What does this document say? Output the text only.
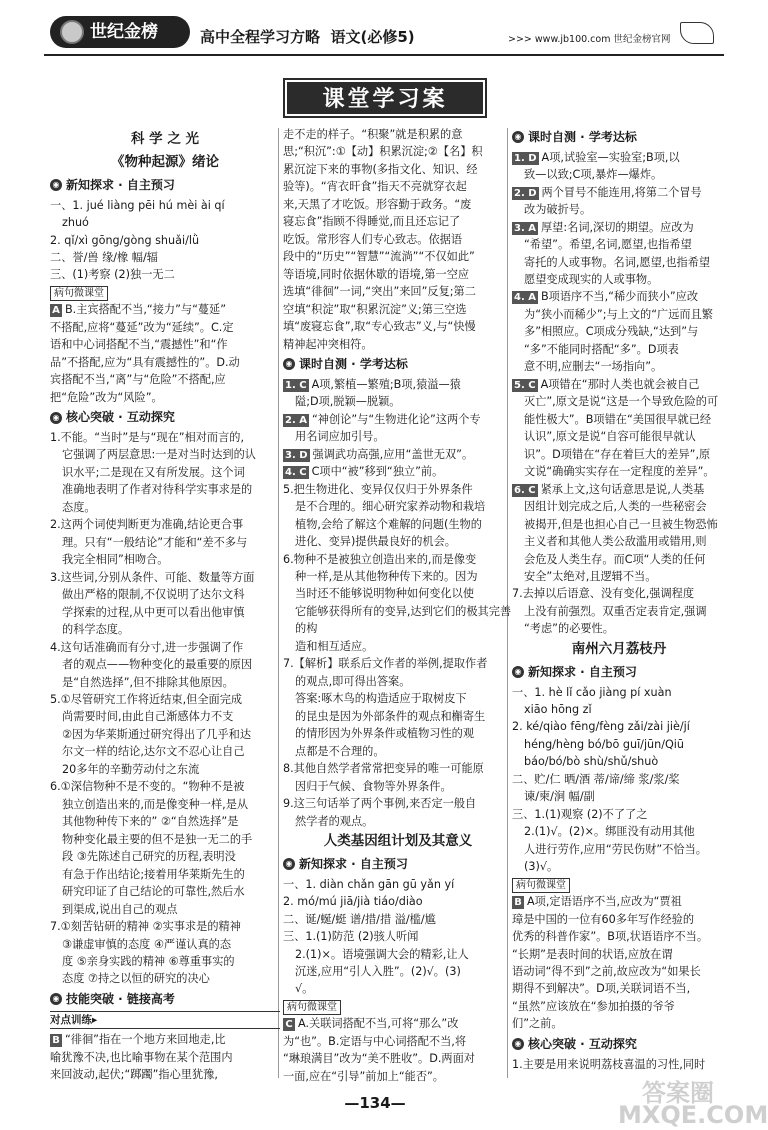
世纪金榜	高中全程学习方略 语文(必修5)	>>> www.jb100.com 世纪金榜官网
课堂学习案
科 学 之 光
《物种起源》绪论
◉ 新知探求 · 自主预习
一、1. jué liàng pēi hú mèi ài qí
zhuó
2. qǐ/xì gōng/gòng shuǎi/lǜ
二、誉/兽 缘/橡 幅/辐
三、(1)考察 (2)独一无二
病句微课堂
A B.主宾搭配不当,“接力”与“蔓延”
不搭配,应将“蔓延”改为“延续”。C.定
语和中心词搭配不当,“震撼性”和“作
品”不搭配,应为“具有震撼性的”。D.动
宾搭配不当,“离”与“危险”不搭配,应
把“危险”改为“风险”。
◉ 核心突破 · 互动探究
1.不能。“当时”是与“现在”相对而言的,
它强调了两层意思:一是对当时达到的认
识水平;二是现在又有所发展。这个词
准确地表明了作者对待科学实事求是的
态度。
2.这两个词使判断更为准确,结论更合事
理。只有“一般结论”才能和“差不多与
我完全相同”相吻合。
3.这些词,分别从条件、可能、数量等方面
做出严格的限制,不仅说明了达尔文科
学探索的过程,从中更可以看出他审慎
的科学态度。
4.这句话准确而有分寸,进一步强调了作
者的观点——物种变化的最重要的原因
是“自然选择”,但不排除其他原因。
5.①尽管研究工作将近结束,但全面完成
尚需要时间,由此自己渐感体力不支
②因为华莱斯通过研究得出了几乎和达
尔文一样的结论,达尔文不忍心让自己
20多年的辛勤劳动付之东流
6.①深信物种不是不变的。“物种不是被
独立创造出来的,而是像变种一样,是从
其他物种传下来的” ②“自然选择”是
物种变化最主要的但不是独一无二的手
段 ③先陈述自己研究的历程,表明没
有急于作出结论;接着用华莱斯先生的
研究印证了自己结论的可靠性,然后水
到渠成,说出自己的观点
7.①刻苦钻研的精神 ②实事求是的精神
③谦虚审慎的态度 ④严谨认真的态
度 ⑤亲身实践的精神 ⑥尊重事实的
态度 ⑦持之以恒的研究的决心
◉ 技能突破 · 链接高考
对点训练▸
B “徘徊”指在一个地方来回地走,比
喻犹豫不决,也比喻事物在某个范围内
来回波动,起伏;“踯躅”指心里犹豫,
走不走的样子。“积聚”就是积累的意
思;“积沉”:①【动】积累沉淀;②【名】积
累沉淀下来的事物(多指文化、知识、经
验等)。“宵衣旰食”指天不亮就穿衣起
来,天黑了才吃饭。形容勤于政务。“废
寝忘食”指顾不得睡觉,而且还忘记了
吃饭。常形容人们专心致志。依据语
段中的“历史”“智慧”“流淌”“不仅如此”
等语境,同时依据休歇的语境,第一空应
选填“徘徊”一词,“突出”来回”反复;第二
空填“积淀”取“积累沉淀”义;第三空选
填“废寝忘食”,取“专心致志”义,与“快慢
精神起冲突相符。
◉ 课时自测 · 学考达标
1. C A项,繁植—繁殖;B项,猿溢—猿
隘;D项,脱颖—脱颖。
2. A “神创论”与“生物进化论”这两个专
用名词应加引号。
3. D 强调武功高强,应用“盖世无双”。
4. C C项中“被”移到“独立”前。
5.把生物进化、变异仅仅归于外界条件
是不合理的。细心研究家养动物和栽培
植物,会给了解这个难解的问题(生物的
进化、变异)提供最良好的机会。
6.物种不是被独立创造出来的,而是像变
种一样,是从其他物种传下来的。因为
当时还不能够说明物种如何变化以使
它能够获得所有的变异,达到它们的极其完善的构
造和相互适应。
7.【解析】联系后文作者的举例,提取作者
的观点,即可得出答案。
答案:啄木鸟的构造适应于取树皮下
的昆虫是因为外部条件的观点和槲寄生
的情形因为外界条件或植物习性的观
点都是不合理的。
8.其他自然学者常常把变异的唯一可能原
因归于气候、食物等外界条件。
9.这三句话举了两个事例,来否定一般自
然学者的观点。
人类基因组计划及其意义
◉ 新知探求 · 自主预习
一、1. diàn chǎn gān gū yǎn yí
2. mó/mú jiā/jià tiáo/diào
二、诞/蜒/蜓 谱/措/措 溢/槛/尴
三、1.(1)防范 (2)骇人听闻
2.(1)×。语境强调大会的精彩,让人
沉迷,应用“引人入胜”。(2)√。(3)
√。
病句微课堂
C A.关联词搭配不当,可将“那么”改
为“也”。B.定语与中心词搭配不当,将
“琳琅满目”改为“美不胜收”。D.两面对
一面,应在“引导”前加上“能否”。
◉ 课时自测 · 学考达标
1. D A项,试验室—实验室;B项,以
致—以致;C项,暴炸—爆炸。
2. D 两个冒号不能连用,将第二个冒号
改为破折号。
3. A 厚望:名词,深切的期望。应改为
“希望”。希望,名词,愿望,也指希望
寄托的人或事物。名词,愿望,也指希望
愿望变成现实的人或事物。
4. A B项语序不当,“稀少而狭小”应改
为“狭小而稀少”;与上文的“广远而且繁
多”相照应。C项成分残缺,“达到”与
“多”不能同时搭配“多”。D项表
意不明,应删去“一场指向”。
5. C A项错在“那时人类也就会被自己
灭亡”,原文是说“这是一个导致危险的可
能性极大”。B项错在“美国很早就已经
认识”,原文是说“自容可能很早就认
识”。D项错在“存在着巨大的差异”,原
文说“确确实实存在一定程度的差异”。
6. C 紧承上文,这句话意思是说,人类基
因组计划完成之后,人类的一些秘密会
被揭开,但是也担心自己一旦被生物恐怖
主义者和其他人类公敌滥用或错用,则
会危及人类生存。而C项“人类的任何
安全”太绝对,且逻辑不当。
7.去掉以后语意、没有变化,强调程度
上没有前强烈。双重否定表肯定,强调
“考虑”的必要性。
南州六月荔枝丹
◉ 新知探求 · 自主预习
一、1. hè lǐ cǎo jiàng pí xuàn
xiāo hōng zǐ
2. ké/qiào fēng/fèng zǎi/zài jiè/jí
héng/hèng bó/bō guī/jūn/Qiū
báo/bó/bò shù/shǔ/shuò
二、贮/仁 晒/酒 蒂/谛/缔 浆/浆/桨
谏/柬/涧 幅/副
三、1.(1)观察 (2)不了了之
2.(1)√。(2)×。绑匪没有动用其他
人进行劳作,应用“劳民伤财”不恰当。
(3)√。
病句微课堂
B A项,定语语序不当,应改为“贾祖
璋是中国的一位有60多年写作经验的
优秀的科普作家”。B项,状语语序不当。
“长期”是表时间的状语,应放在谓
语动词“得不到”之前,故应改为“如果长
期得不到解决”。D项,关联词语不当,
“虽然”应该放在“参加拍摄的爷爷
们”之前。
◉ 核心突破 · 互动探究
1.主要是用来说明荔枝喜温的习性,同时
—134—	答案圈 MXQE.COM
